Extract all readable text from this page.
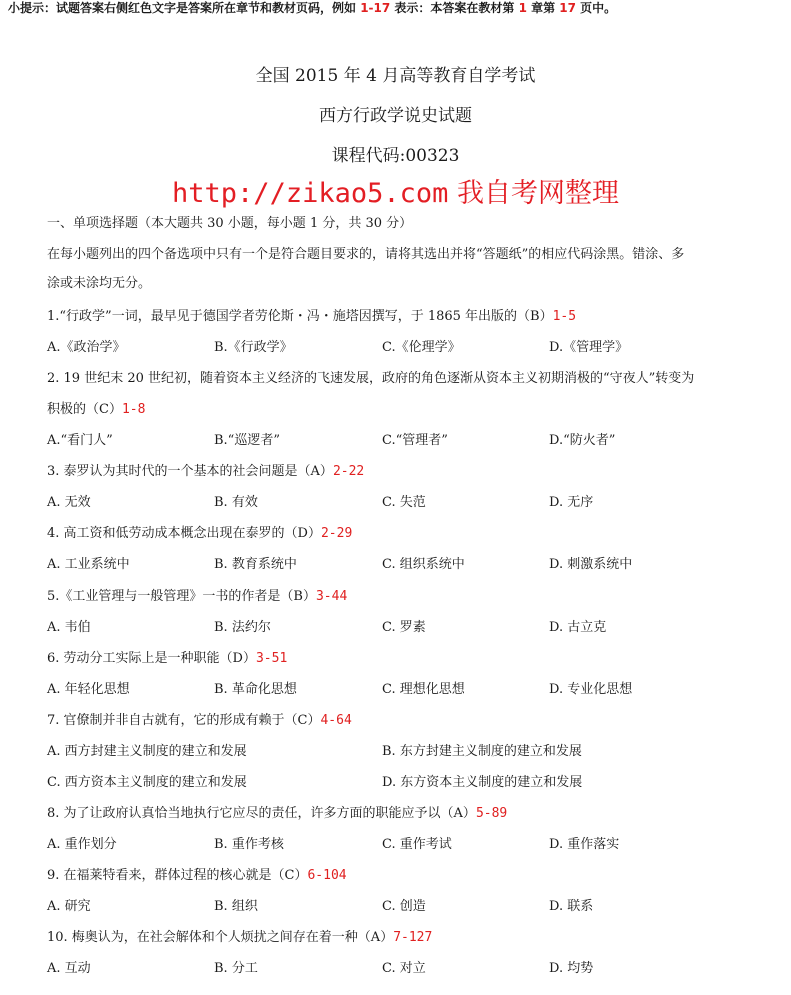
小提示：试题答案右侧红色文字是答案所在章节和教材页码，例如 1-17 表示：本答案在教材第 1 章第 17 页中。
全国 2015 年 4 月高等教育自学考试
西方行政学说史试题
课程代码:00323
http://zikao5.com 我自考网整理
一、单项选择题（本大题共 30 小题，每小题 1 分，共 30 分）
在每小题列出的四个备选项中只有一个是符合题目要求的，请将其选出并将“答题纸”的相应代码涂黑。错涂、多
涂或未涂均无分。
1.“行政学”一词，最早见于德国学者劳伦斯・冯・施塔因撰写，于 1865 年出版的（B）1-5
A.《政治学》	B.《行政学》	C.《伦理学》	D.《管理学》
2. 19 世纪末 20 世纪初，随着资本主义经济的飞速发展，政府的角色逐渐从资本主义初期消极的“守夜人”转变为
积极的（C）1-8
A.“看门人”	B.“巡逻者”	C.“管理者”	D.“防火者”
3. 泰罗认为其时代的一个基本的社会问题是（A）2-22
A. 无效	B. 有效	C. 失范	D. 无序
4. 高工资和低劳动成本概念出现在泰罗的（D）2-29
A. 工业系统中	B. 教育系统中	C. 组织系统中	D. 刺激系统中
5.《工业管理与一般管理》一书的作者是（B）3-44
A. 韦伯	B. 法约尔	C. 罗素	D. 古立克
6. 劳动分工实际上是一种职能（D）3-51
A. 年轻化思想	B. 革命化思想	C. 理想化思想	D. 专业化思想
7. 官僚制并非自古就有，它的形成有赖于（C）4-64
A. 西方封建主义制度的建立和发展	B. 东方封建主义制度的建立和发展
C. 西方资本主义制度的建立和发展	D. 东方资本主义制度的建立和发展
8. 为了让政府认真恰当地执行它应尽的责任，许多方面的职能应予以（A）5-89
A. 重作划分	B. 重作考核	C. 重作考试	D. 重作落实
9. 在福莱特看来，群体过程的核心就是（C）6-104
A. 研究	B. 组织	C. 创造	D. 联系
10. 梅奥认为，在社会解体和个人烦扰之间存在着一种（A）7-127
A. 互动	B. 分工	C. 对立	D. 均势
